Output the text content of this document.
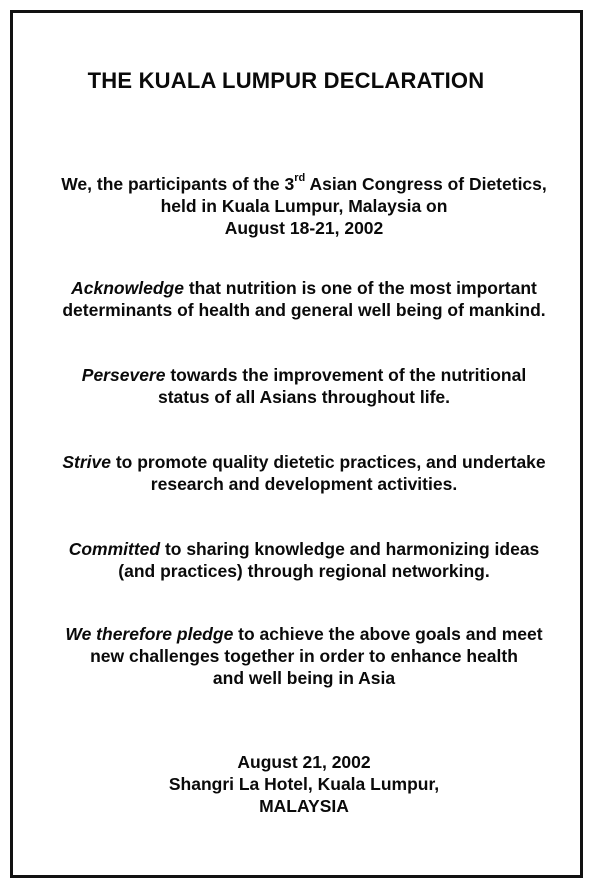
THE KUALA LUMPUR DECLARATION
We, the participants of the 3rd Asian Congress of Dietetics,
held in Kuala Lumpur, Malaysia on
August 18-21, 2002
Acknowledge that nutrition is one of the most important
determinants of health and general well being of mankind.
Persevere towards the improvement of the nutritional
status of all Asians throughout life.
Strive to promote quality dietetic practices, and undertake
research and development activities.
Committed to sharing knowledge and harmonizing ideas
(and practices) through regional networking.
We therefore pledge to achieve the above goals and meet
new challenges together in order to enhance health
and well being in Asia
August 21, 2002
Shangri La Hotel, Kuala Lumpur,
MALAYSIA
